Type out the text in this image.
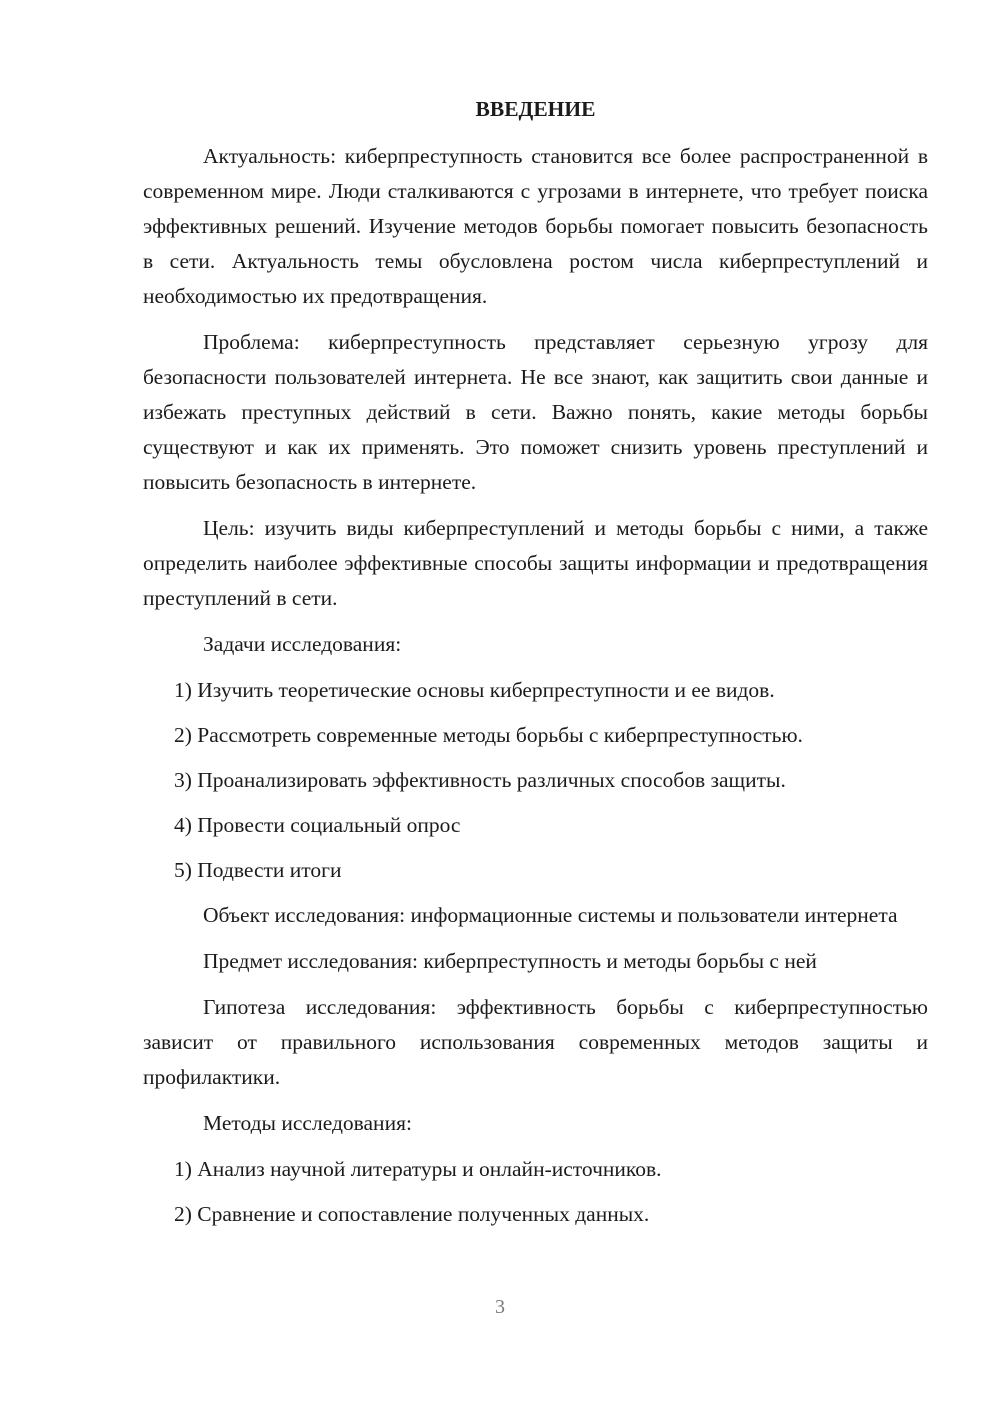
ВВЕДЕНИЕ

Актуальность: киберпреступность становится все более распространенной в современном мире. Люди сталкиваются с угрозами в интернете, что требует поиска эффективных решений. Изучение методов борьбы помогает повысить безопасность в сети. Актуальность темы обусловлена ростом числа киберпреступлений и необходимостью их предотвращения.

Проблема: киберпреступность представляет серьезную угрозу для безопасности пользователей интернета. Не все знают, как защитить свои данные и избежать преступных действий в сети. Важно понять, какие методы борьбы существуют и как их применять. Это поможет снизить уровень преступлений и повысить безопасность в интернете.

Цель: изучить виды киберпреступлений и методы борьбы с ними, а также определить наиболее эффективные способы защиты информации и предотвращения преступлений в сети.

Задачи исследования:

1) Изучить теоретические основы киберпреступности и ее видов.
2) Рассмотреть современные методы борьбы с киберпреступностью.
3) Проанализировать эффективность различных способов защиты.
4) Провести социальный опрос
5) Подвести итоги

Объект исследования: информационные системы и пользователи интернета

Предмет исследования: киберпреступность и методы борьбы с ней

Гипотеза исследования: эффективность борьбы с киберпреступностью зависит от правильного использования современных методов защиты и профилактики.

Методы исследования:

1) Анализ научной литературы и онлайн-источников.
2) Сравнение и сопоставление полученных данных.
3
